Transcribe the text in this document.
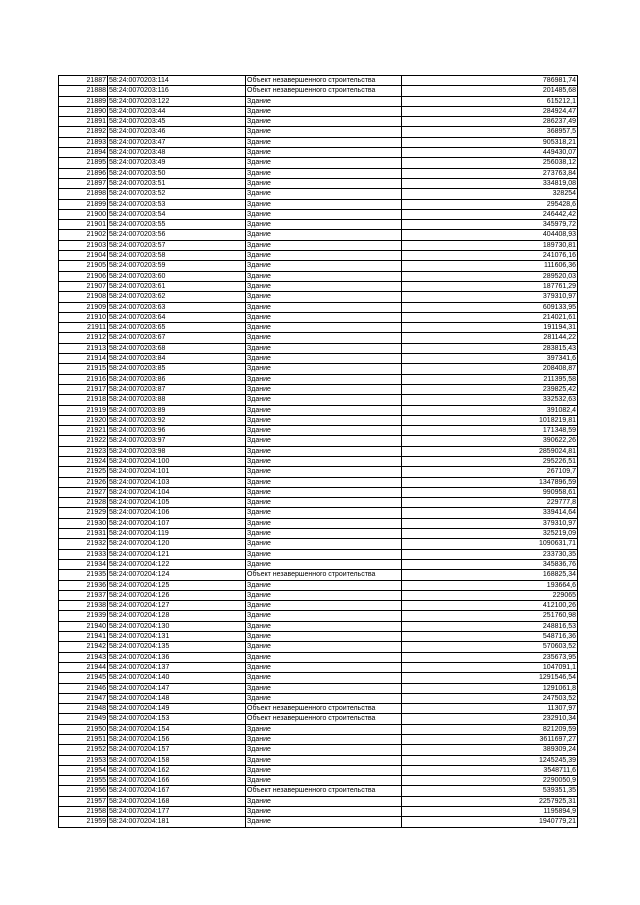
21887	58:24:0070203:114	Объект незавершенного строительства	786981,74
21888	58:24:0070203:116	Объект незавершенного строительства	201485,68
21889	58:24:0070203:122	Здание	615212,1
21890	58:24:0070203:44	Здание	284924,47
21891	58:24:0070203:45	Здание	286237,49
21892	58:24:0070203:46	Здание	368957,5
21893	58:24:0070203:47	Здание	905318,21
21894	58:24:0070203:48	Здание	449430,07
21895	58:24:0070203:49	Здание	256038,12
21896	58:24:0070203:50	Здание	273763,84
21897	58:24:0070203:51	Здание	334819,08
21898	58:24:0070203:52	Здание	328254
21899	58:24:0070203:53	Здание	295428,6
21900	58:24:0070203:54	Здание	246442,42
21901	58:24:0070203:55	Здание	345979,72
21902	58:24:0070203:56	Здание	404408,93
21903	58:24:0070203:57	Здание	189730,81
21904	58:24:0070203:58	Здание	241076,16
21905	58:24:0070203:59	Здание	111606,36
21906	58:24:0070203:60	Здание	289520,03
21907	58:24:0070203:61	Здание	187761,29
21908	58:24:0070203:62	Здание	379310,97
21909	58:24:0070203:63	Здание	609133,95
21910	58:24:0070203:64	Здание	214021,61
21911	58:24:0070203:65	Здание	191194,31
21912	58:24:0070203:67	Здание	281144,22
21913	58:24:0070203:68	Здание	283815,43
21914	58:24:0070203:84	Здание	397341,6
21915	58:24:0070203:85	Здание	208408,87
21916	58:24:0070203:86	Здание	211395,58
21917	58:24:0070203:87	Здание	239825,42
21918	58:24:0070203:88	Здание	332532,63
21919	58:24:0070203:89	Здание	391082,4
21920	58:24:0070203:92	Здание	1018219,81
21921	58:24:0070203:96	Здание	171348,59
21922	58:24:0070203:97	Здание	390622,26
21923	58:24:0070203:98	Здание	2859024,81
21924	58:24:0070204:100	Здание	295226,51
21925	58:24:0070204:101	Здание	267109,7
21926	58:24:0070204:103	Здание	1347896,59
21927	58:24:0070204:104	Здание	990958,61
21928	58:24:0070204:105	Здание	229777,8
21929	58:24:0070204:106	Здание	339414,64
21930	58:24:0070204:107	Здание	379310,97
21931	58:24:0070204:119	Здание	325219,09
21932	58:24:0070204:120	Здание	1090631,71
21933	58:24:0070204:121	Здание	233730,35
21934	58:24:0070204:122	Здание	345836,76
21935	58:24:0070204:124	Объект незавершенного строительства	168825,34
21936	58:24:0070204:125	Здание	193664,6
21937	58:24:0070204:126	Здание	229065
21938	58:24:0070204:127	Здание	412100,26
21939	58:24:0070204:128	Здание	251760,98
21940	58:24:0070204:130	Здание	248816,53
21941	58:24:0070204:131	Здание	548716,36
21942	58:24:0070204:135	Здание	570603,52
21943	58:24:0070204:136	Здание	235673,95
21944	58:24:0070204:137	Здание	1047091,1
21945	58:24:0070204:140	Здание	1291546,54
21946	58:24:0070204:147	Здание	1291061,8
21947	58:24:0070204:148	Здание	247503,52
21948	58:24:0070204:149	Объект незавершенного строительства	11307,97
21949	58:24:0070204:153	Объект незавершенного строительства	232910,34
21950	58:24:0070204:154	Здание	821209,59
21951	58:24:0070204:156	Здание	3611697,27
21952	58:24:0070204:157	Здание	389309,24
21953	58:24:0070204:158	Здание	1245245,39
21954	58:24:0070204:162	Здание	3548711,6
21955	58:24:0070204:166	Здание	2290050,9
21956	58:24:0070204:167	Объект незавершенного строительства	539351,35
21957	58:24:0070204:168	Здание	2257925,31
21958	58:24:0070204:177	Здание	1195894,9
21959	58:24:0070204:181	Здание	1940779,21
